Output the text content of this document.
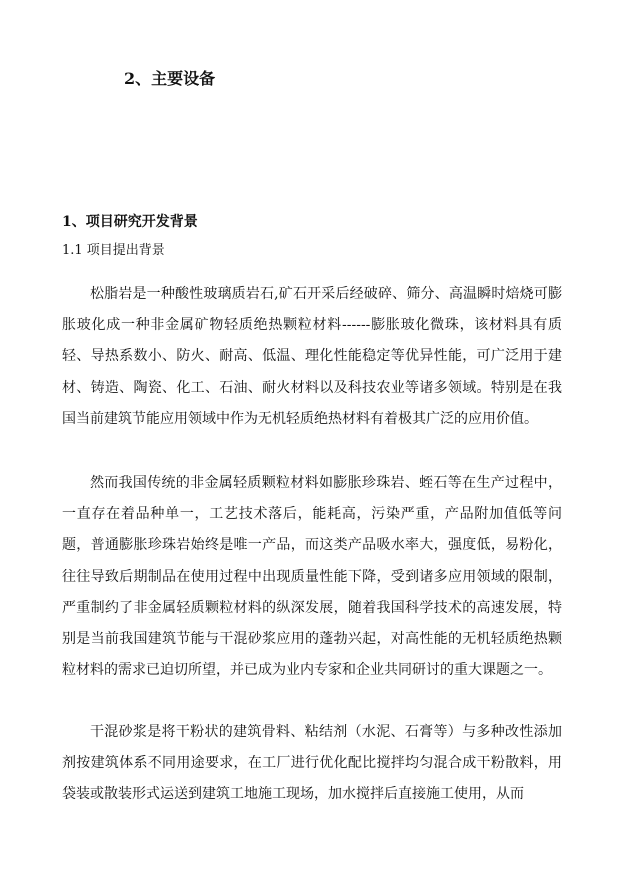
2、主要设备
1、项目研究开发背景
1.1 项目提出背景

松脂岩是一种酸性玻璃质岩石,矿石开采后经破碎、筛分、高温瞬时焙烧可膨胀玻化成一种非金属矿物轻质绝热颗粒材料------膨胀玻化微珠，该材料具有质轻、导热系数小、防火、耐高、低温、理化性能稳定等优异性能，可广泛用于建材、铸造、陶瓷、化工、石油、耐火材料以及科技农业等诸多领域。特别是在我国当前建筑节能应用领域中作为无机轻质绝热材料有着极其广泛的应用价值。

然而我国传统的非金属轻质颗粒材料如膨胀珍珠岩、蛭石等在生产过程中，一直存在着品种单一，工艺技术落后，能耗高，污染严重，产品附加值低等问题，普通膨胀珍珠岩始终是唯一产品，而这类产品吸水率大，强度低，易粉化，往往导致后期制品在使用过程中出现质量性能下降，受到诸多应用领域的限制，严重制约了非金属轻质颗粒材料的纵深发展，随着我国科学技术的高速发展，特别是当前我国建筑节能与干混砂浆应用的蓬勃兴起，对高性能的无机轻质绝热颗粒材料的需求已迫切所望，并已成为业内专家和企业共同研讨的重大课题之一。

干混砂浆是将干粉状的建筑骨料、粘结剂（水泥、石膏等）与多种改性添加剂按建筑体系不同用途要求，在工厂进行优化配比搅拌均匀混合成干粉散料，用袋装或散装形式运送到建筑工地施工现场，加水搅拌后直接施工使用，从而
